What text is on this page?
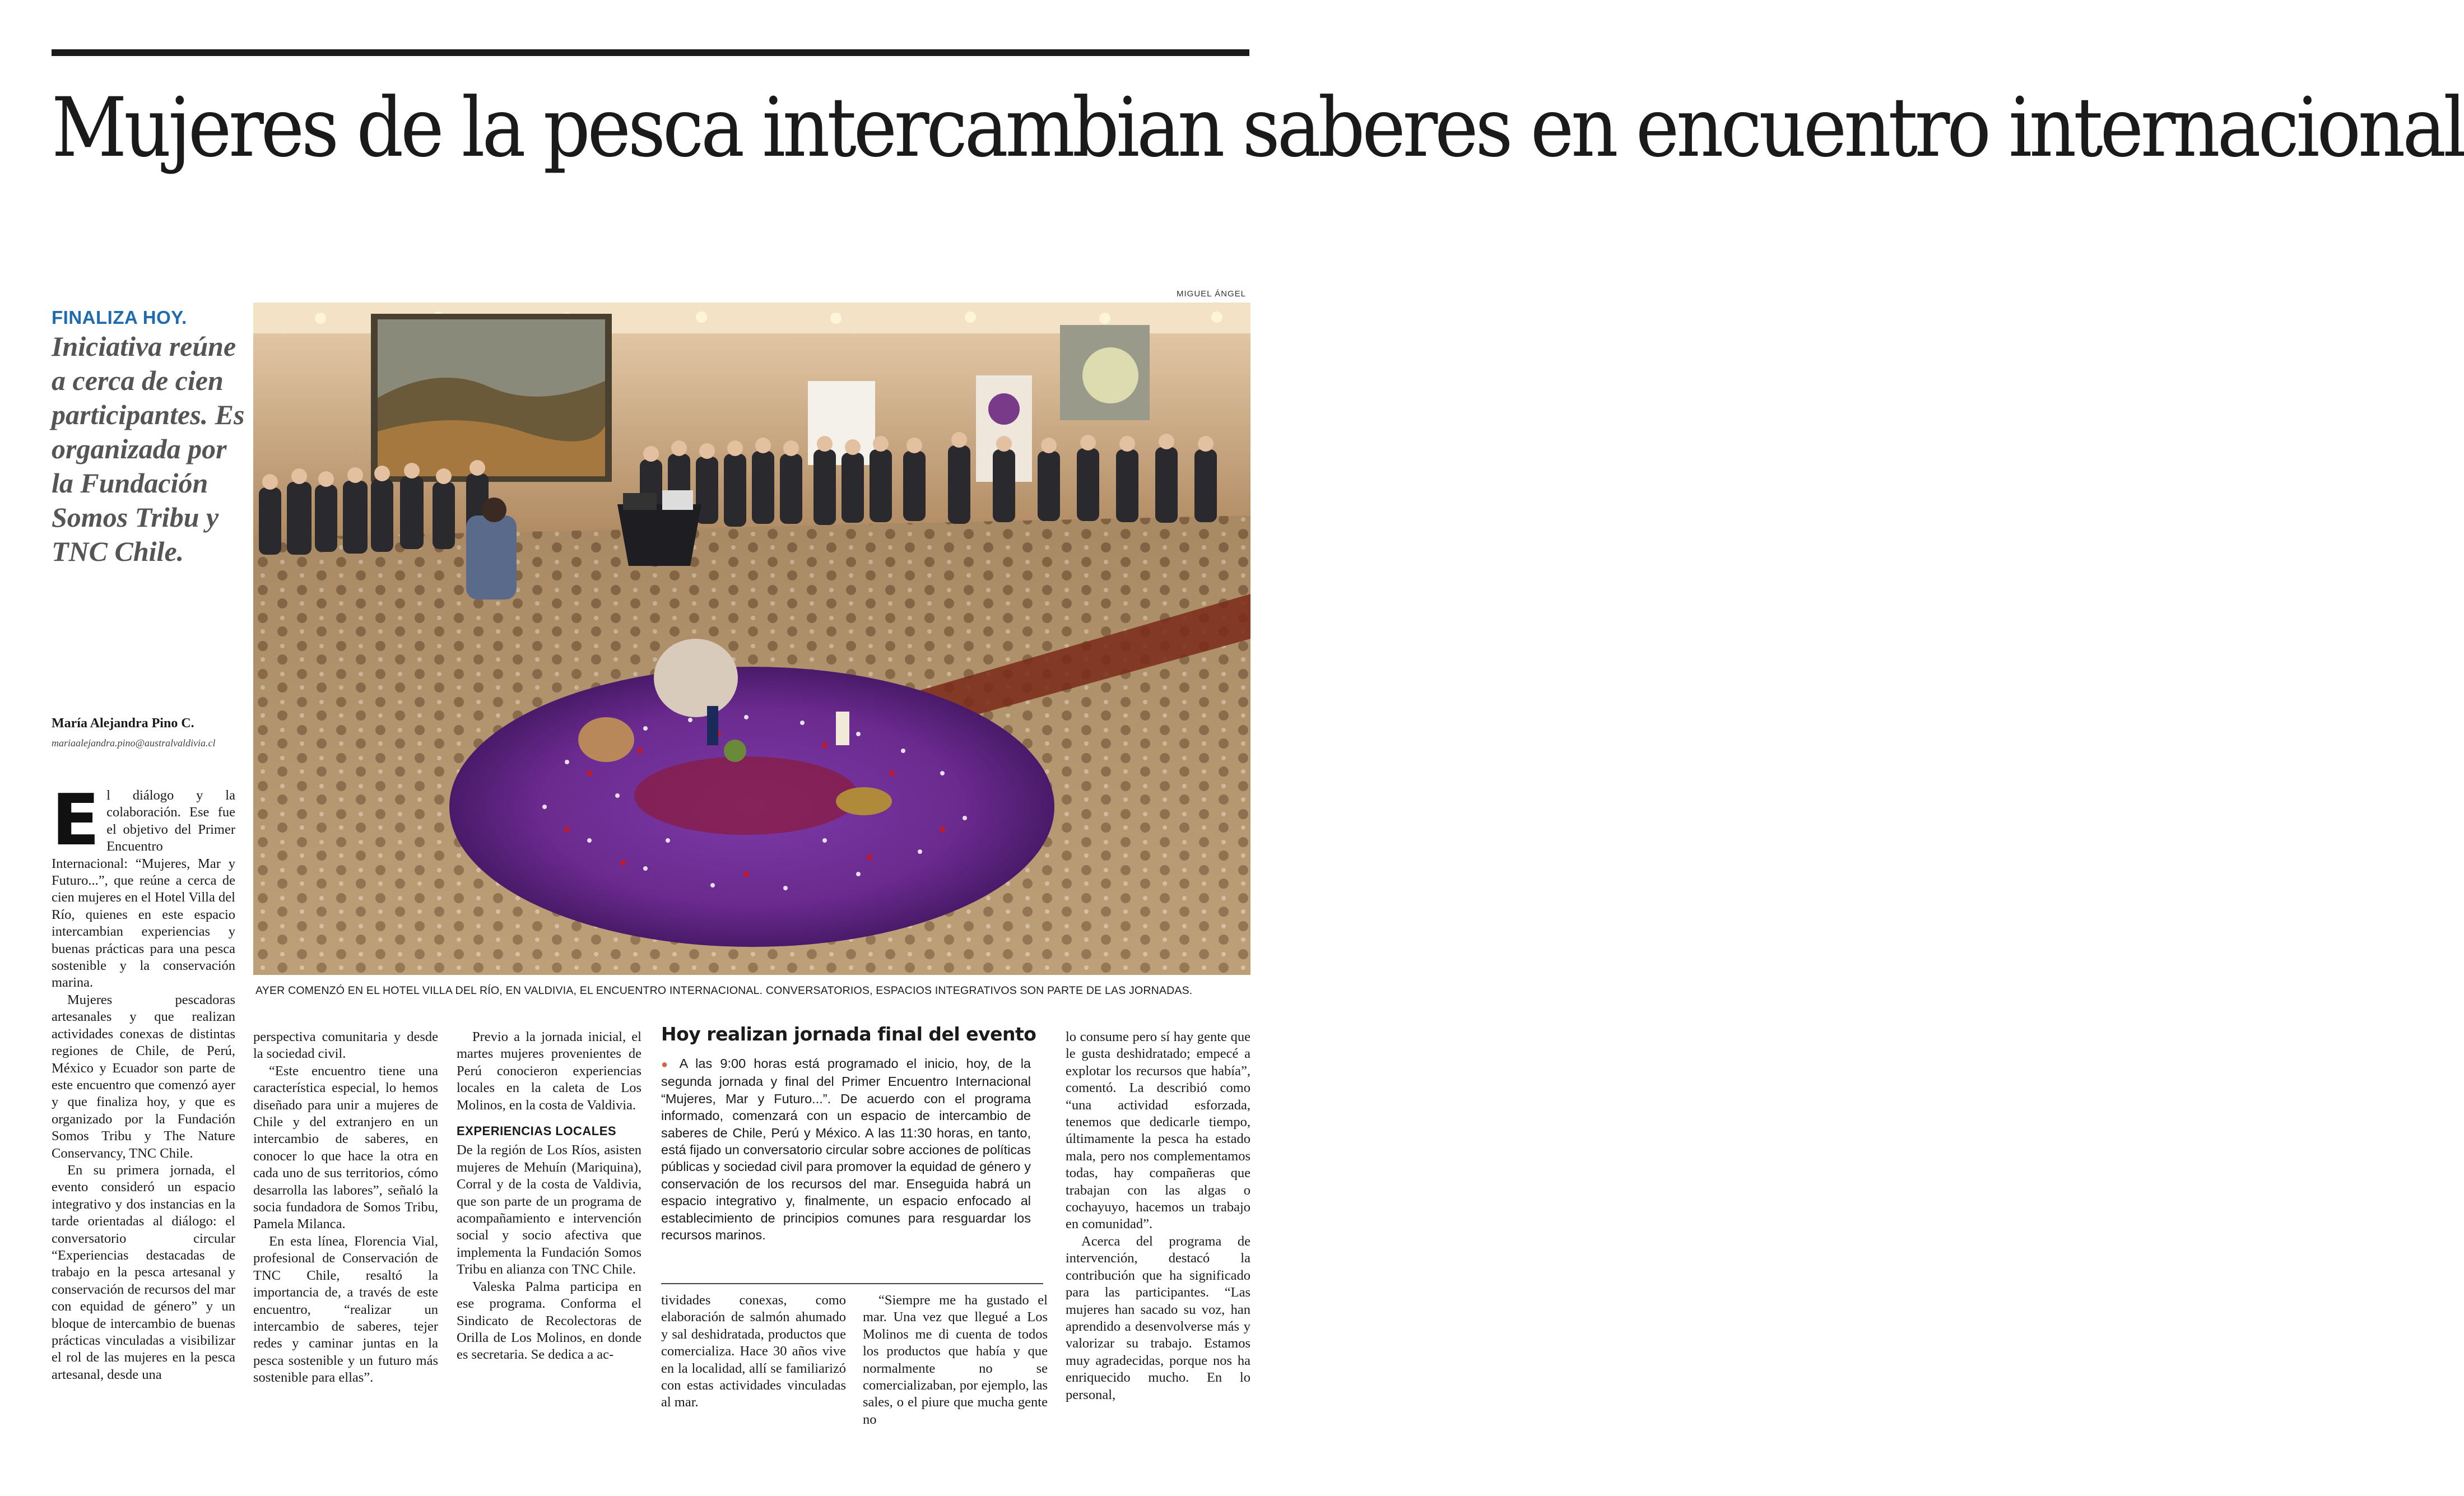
Mujeres de la pesca intercambian saberes en encuentro internacional
FINALIZA HOY.
Iniciativa reúne a cerca de cien participantes. Es organizada por la Fundación Somos Tribu y TNC Chile.
María Alejandra Pino C.
mariaalejandra.pino@australvaldivia.cl
MIGUEL ÁNGEL
AYER COMENZÓ EN EL HOTEL VILLA DEL RÍO, EN VALDIVIA, EL ENCUENTRO INTERNACIONAL. CONVERSATORIOS, ESPACIOS INTEGRATIVOS SON PARTE DE LAS JORNADAS.
E l diálogo y la colaboración. Ese fue el objetivo del Primer Encuentro Internacional: “Mujeres, Mar y Futuro...”, que reúne a cerca de cien mujeres en el Hotel Villa del Río, quienes en este espacio intercambian experiencias y buenas prácticas para una pesca sostenible y la conservación marina.

Mujeres pescadoras artesanales y que realizan actividades conexas de distintas regiones de Chile, de Perú, México y Ecuador son parte de este encuentro que comenzó ayer y que finaliza hoy, y que es organizado por la Fundación Somos Tribu y The Nature Conservancy, TNC Chile.

En su primera jornada, el evento consideró un espacio integrativo y dos instancias en la tarde orientadas al diálogo: el conversatorio circular “Experiencias destacadas de trabajo en la pesca artesanal y conservación de recursos del mar con equidad de género” y un bloque de intercambio de buenas prácticas vinculadas a visibilizar el rol de las mujeres en la pesca artesanal, desde una

perspectiva comunitaria y desde la sociedad civil.

“Este encuentro tiene una característica especial, lo hemos diseñado para unir a mujeres de Chile y del extranjero en un intercambio de saberes, en conocer lo que hace la otra en cada uno de sus territorios, cómo desarrolla las labores”, señaló la socia fundadora de Somos Tribu, Pamela Milanca.

En esta línea, Florencia Vial, profesional de Conservación de TNC Chile, resaltó la importancia de, a través de este encuentro, “realizar un intercambio de saberes, tejer redes y caminar juntas en la pesca sostenible y un futuro más sostenible para ellas”.

Previo a la jornada inicial, el martes mujeres provenientes de Perú conocieron experiencias locales en la caleta de Los Molinos, en la costa de Valdivia.

EXPERIENCIAS LOCALES

De la región de Los Ríos, asisten mujeres de Mehuín (Mariquina), Corral y de la costa de Valdivia, que son parte de un programa de acompañamiento e intervención social y socio afectiva que implementa la Fundación Somos Tribu en alianza con TNC Chile.

Valeska Palma participa en ese programa. Conforma el Sindicato de Recolectoras de Orilla de Los Molinos, en donde es secretaria. Se dedica a ac-

Hoy realizan jornada final del evento

● A las 9:00 horas está programado el inicio, hoy, de la segunda jornada y final del Primer Encuentro Internacional “Mujeres, Mar y Futuro...”. De acuerdo con el programa informado, comenzará con un espacio de intercambio de saberes de Chile, Perú y México. A las 11:30 horas, en tanto, está fijado un conversatorio circular sobre acciones de políticas públicas y sociedad civil para promover la equidad de género y conservación de los recursos del mar. Enseguida habrá un espacio integrativo y, finalmente, un espacio enfocado al establecimiento de principios comunes para resguardar los recursos marinos.

tividades conexas, como elaboración de salmón ahumado y sal deshidratada, productos que comercializa. Hace 30 años vive en la localidad, allí se familiarizó con estas actividades vinculadas al mar.

“Siempre me ha gustado el mar. Una vez que llegué a Los Molinos me di cuenta de todos los productos que había y que normalmente no se comercializaban, por ejemplo, las sales, o el piure que mucha gente no

lo consume pero sí hay gente que le gusta deshidratado; empecé a explotar los recursos que había”, comentó. La describió como “una actividad esforzada, tenemos que dedicarle tiempo, últimamente la pesca ha estado mala, pero nos complementamos todas, hay compañeras que trabajan con las algas o cochayuyo, hacemos un trabajo en comunidad”.

Acerca del programa de intervención, destacó la contribución que ha significado para las participantes. “Las mujeres han sacado su voz, han aprendido a desenvolverse más y valorizar su trabajo. Estamos muy agradecidas, porque nos ha enriquecido mucho. En lo personal,
